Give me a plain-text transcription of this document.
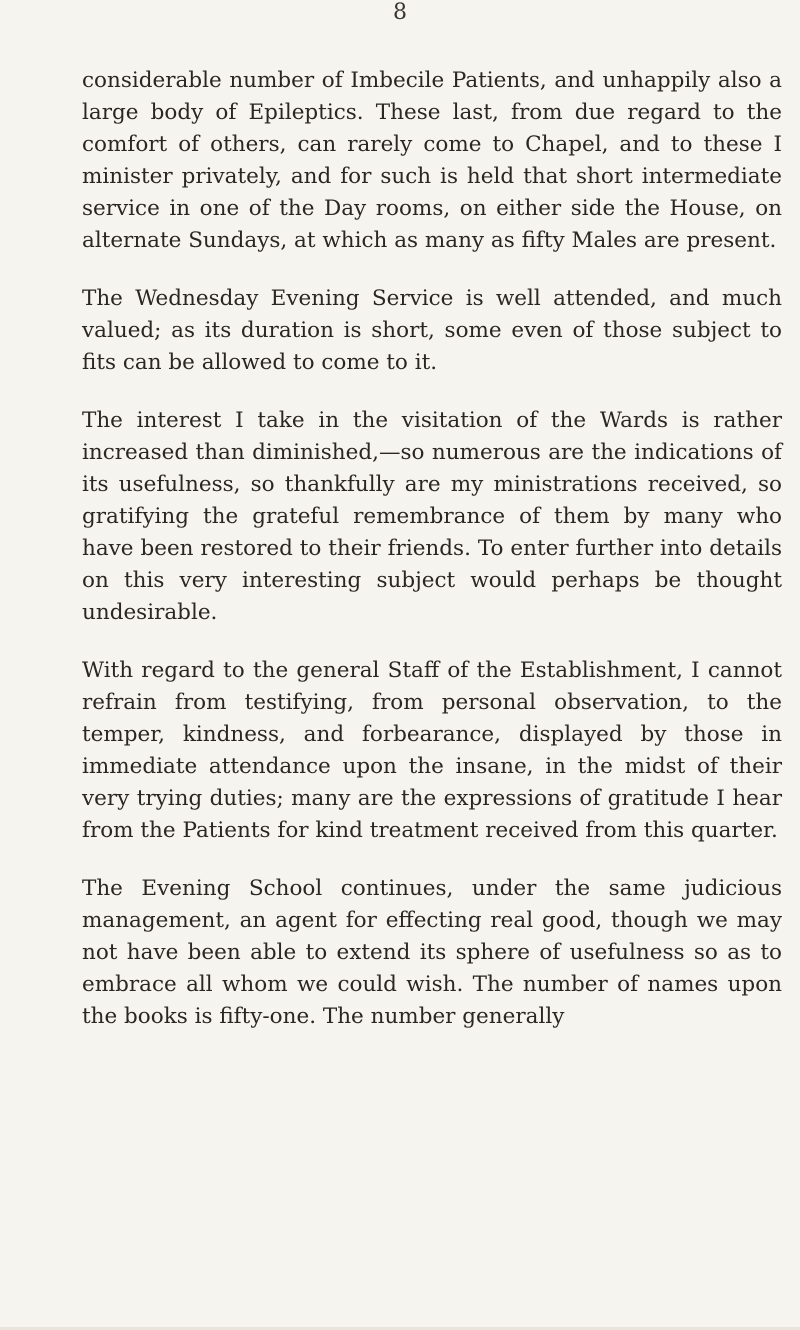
8

considerable number of Imbecile Patients, and unhappily also a large body of Epileptics. These last, from due regard to the comfort of others, can rarely come to Chapel, and to these I minister privately, and for such is held that short intermediate service in one of the Day rooms, on either side the House, on alternate Sundays, at which as many as fifty Males are present.

The Wednesday Evening Service is well attended, and much valued; as its duration is short, some even of those subject to fits can be allowed to come to it.

The interest I take in the visitation of the Wards is rather increased than diminished,—so numerous are the indications of its usefulness, so thankfully are my ministrations received, so gratifying the grateful remembrance of them by many who have been restored to their friends. To enter further into details on this very interesting subject would perhaps be thought undesirable.

With regard to the general Staff of the Establishment, I cannot refrain from testifying, from personal observation, to the temper, kindness, and forbearance, displayed by those in immediate attendance upon the insane, in the midst of their very trying duties; many are the expressions of gratitude I hear from the Patients for kind treatment received from this quarter.

The Evening School continues, under the same judicious management, an agent for effecting real good, though we may not have been able to extend its sphere of usefulness so as to embrace all whom we could wish. The number of names upon the books is fifty-one. The number generally
